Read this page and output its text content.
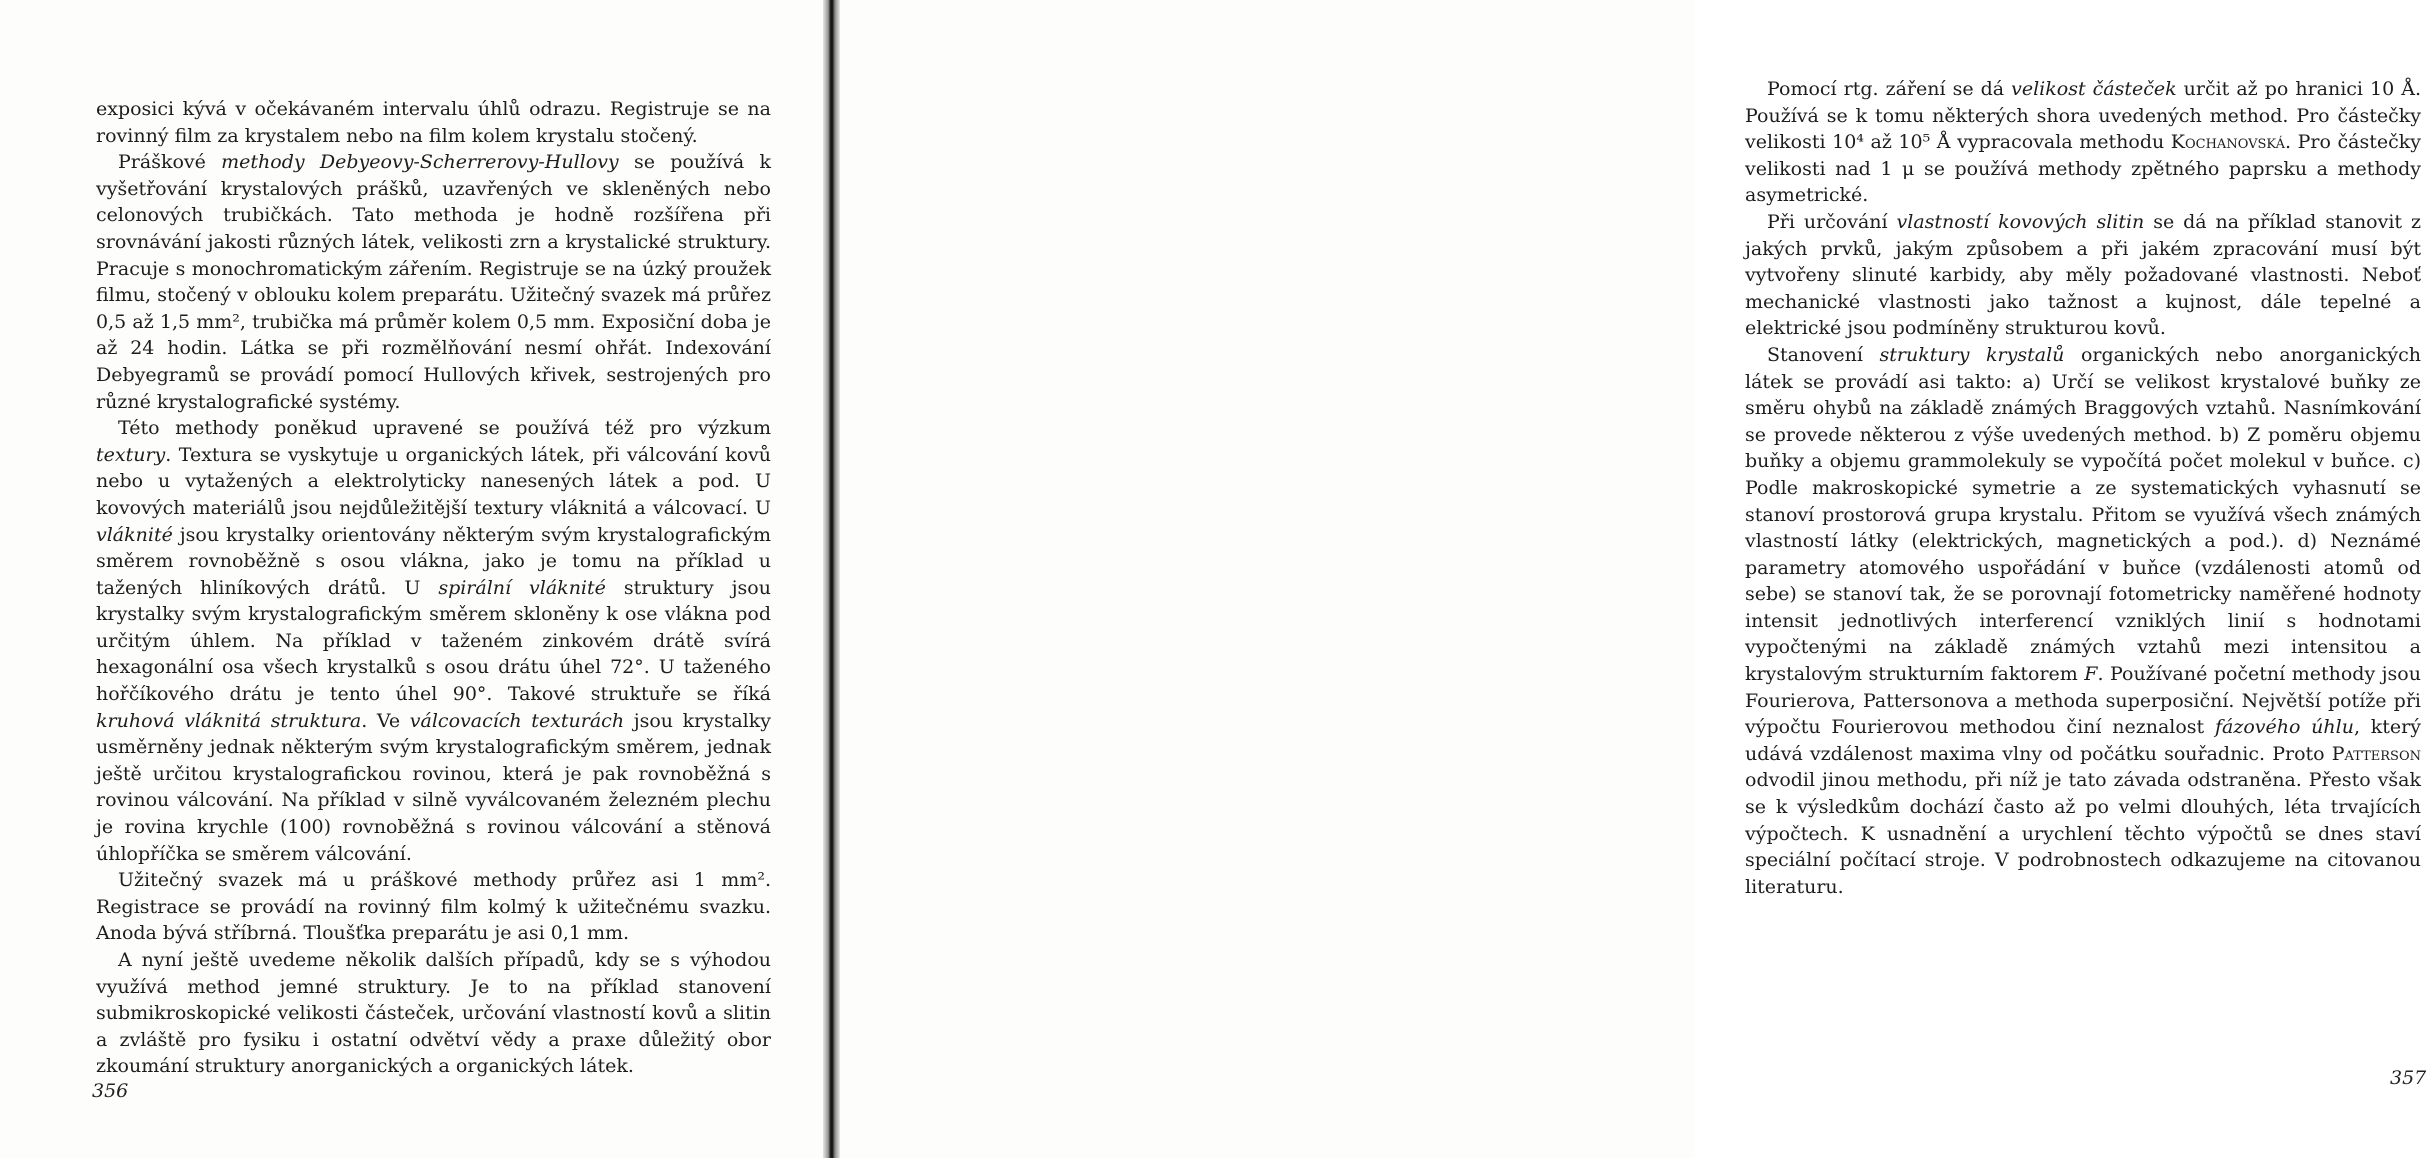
exposici kývá v očekávaném intervalu úhlů odrazu. Registruje se na rovinný film za krystalem nebo na film kolem krystalu stočený.

Práškové methody Debyeovy-Scherrerovy-Hullovy se používá k vyšetřování krystalových prášků, uzavřených ve skleněných nebo celonových trubičkách. Tato methoda je hodně rozšířena při srovnávání jakosti různých látek, velikosti zrn a krystalické struktury. Pracuje s monochromatickým zářením. Registruje se na úzký proužek filmu, stočený v oblouku kolem preparátu. Užitečný svazek má průřez 0,5 až 1,5 mm², trubička má průměr kolem 0,5 mm. Exposiční doba je až 24 hodin. Látka se při rozmělňování nesmí ohřát. Indexování Debyegramů se provádí pomocí Hullových křivek, sestrojených pro různé krystalografické systémy.

Této methody poněkud upravené se používá též pro výzkum textury. Textura se vyskytuje u organických látek, při válcování kovů nebo u vytažených a elektrolyticky nanesených látek a pod. U kovových materiálů jsou nejdůležitější textury vláknitá a válcovací. U vláknité jsou krystalky orientovány některým svým krystalografickým směrem rovnoběžně s osou vlákna, jako je tomu na příklad u tažených hliníkových drátů. U spirální vláknité struktury jsou krystalky svým krystalografickým směrem skloněny k ose vlákna pod určitým úhlem. Na příklad v taženém zinkovém drátě svírá hexagonální osa všech krystalků s osou drátu úhel 72°. U taženého hořčíkového drátu je tento úhel 90°. Takové struktuře se říká kruhová vláknitá struktura. Ve válcovacích texturách jsou krystalky usměrněny jednak některým svým krystalografickým směrem, jednak ještě určitou krystalografickou rovinou, která je pak rovnoběžná s rovinou válcování. Na příklad v silně vyválcovaném železném plechu je rovina krychle (100) rovnoběžná s rovinou válcování a stěnová úhlopříčka se směrem válcování.

Užitečný svazek má u práškové methody průřez asi 1 mm². Registrace se provádí na rovinný film kolmý k užitečnému svazku. Anoda bývá stříbrná. Tloušťka preparátu je asi 0,1 mm.

A nyní ještě uvedeme několik dalších případů, kdy se s výhodou využívá method jemné struktury. Je to na příklad stanovení submikroskopické velikosti částeček, určování vlastností kovů a slitin a zvláště pro fysiku i ostatní odvětví vědy a praxe důležitý obor zkoumání struktury anorganických a organických látek.

356

Pomocí rtg. záření se dá velikost částeček určit až po hranici 10 Å. Používá se k tomu některých shora uvedených method. Pro částečky velikosti 10⁴ až 10⁵ Å vypracovala methodu Kochanovská. Pro částečky velikosti nad 1 μ se používá methody zpětného paprsku a methody asymetrické.

Při určování vlastností kovových slitin se dá na příklad stanovit z jakých prvků, jakým způsobem a při jakém zpracování musí být vytvořeny slinuté karbidy, aby měly požadované vlastnosti. Neboť mechanické vlastnosti jako tažnost a kujnost, dále tepelné a elektrické jsou podmíněny strukturou kovů.

Stanovení struktury krystalů organických nebo anorganických látek se provádí asi takto: a) Určí se velikost krystalové buňky ze směru ohybů na základě známých Braggových vztahů. Nasnímkování se provede některou z výše uvedených method. b) Z poměru objemu buňky a objemu grammolekuly se vypočítá počet molekul v buňce. c) Podle makroskopické symetrie a ze systematických vyhasnutí se stanoví prostorová grupa krystalu. Přitom se využívá všech známých vlastností látky (elektrických, magnetických a pod.). d) Neznámé parametry atomového uspořádání v buňce (vzdálenosti atomů od sebe) se stanoví tak, že se porovnají fotometricky naměřené hodnoty intensit jednotlivých interferencí vzniklých linií s hodnotami vypočtenými na základě známých vztahů mezi intensitou a krystalovým strukturním faktorem F. Používané početní methody jsou Fourierova, Pattersonova a methoda superposiční. Největší potíže při výpočtu Fourierovou methodou činí neznalost fázového úhlu, který udává vzdálenost maxima vlny od počátku souřadnic. Proto Patterson odvodil jinou methodu, při níž je tato závada odstraněna. Přesto však se k výsledkům dochází často až po velmi dlouhých, léta trvajících výpočtech. K usnadnění a urychlení těchto výpočtů se dnes staví speciální počítací stroje. V podrobnostech odkazujeme na citovanou literaturu.

357
